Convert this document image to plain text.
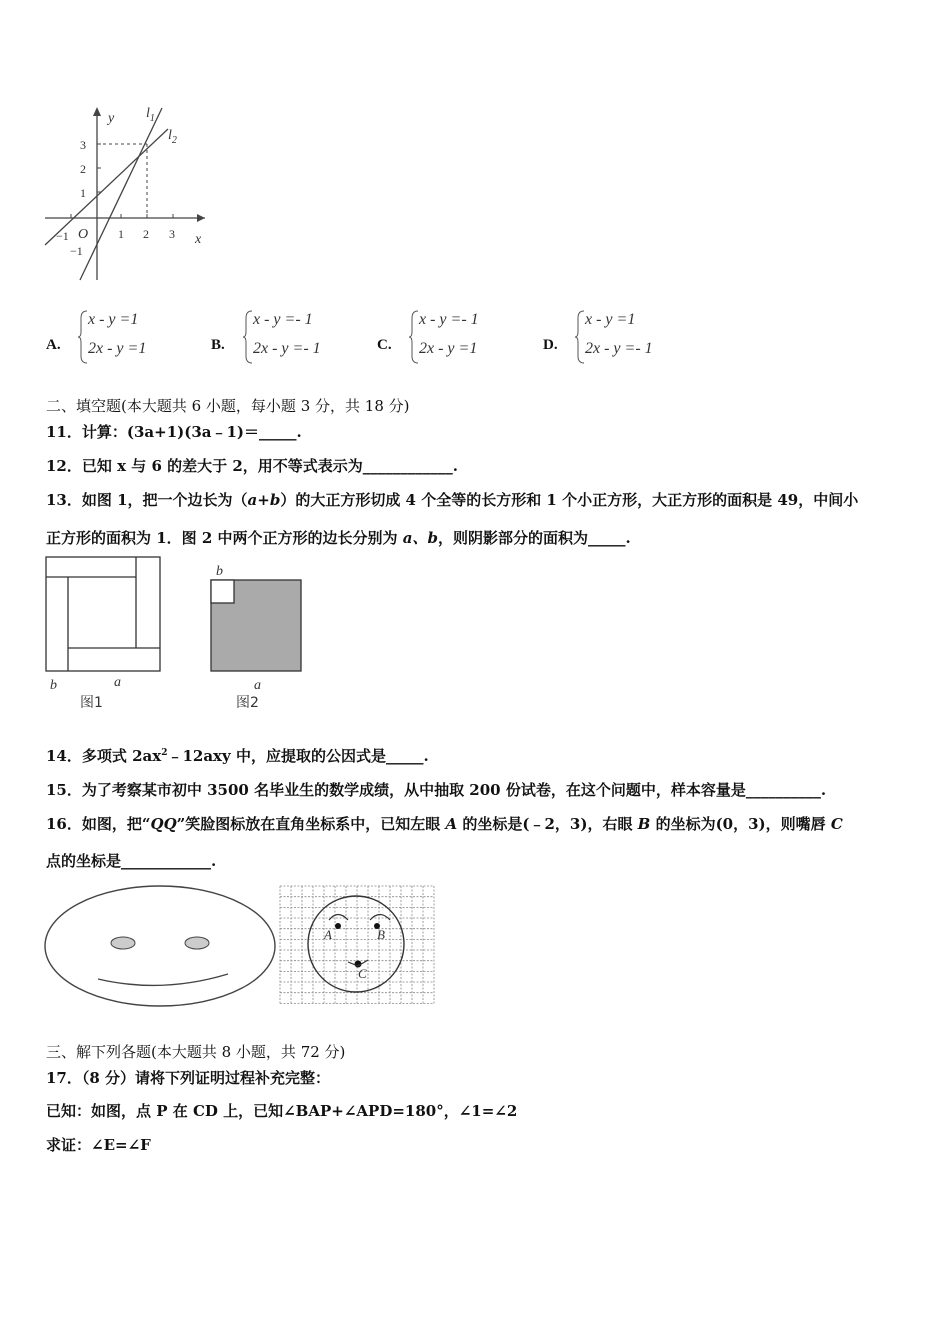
y
x
O
$l_1$
$l_2$
−1	1 2 3
3
2
1
−1
A.
x - y =1
2x - y =1	B.
x - y =- 1
2x - y =- 1	C.
x - y =- 1
2x - y =1	D.
x - y =1
2x - y =- 1
二、填空题(本大题共 6 小题，每小题 3 分，共 18 分)
11．计算：(3a+1)(3a﹣1)＝_____.
12．已知 x 与 6 的差大于 2，用不等式表示为____________.
13．如图 1，把一个边长为（a+b）的大正方形切成 4 个全等的长方形和 1 个小正方形，大正方形的面积是 49，中间小
正方形的面积为 1．图 2 中两个正方形的边长分别为 a、b，则阴影部分的面积为_____.
b	a
b
a
图1	图2
14．多项式 $2ax^2﹣12axy$ 中，应提取的公因式是_____.
15．为了考察某市初中 3500 名毕业生的数学成绩，从中抽取 200 份试卷，在这个问题中，样本容量是__________.
16．如图，把“QQ”笑脸图标放在直角坐标系中，已知左眼 A 的坐标是(﹣2，3)，右眼 B 的坐标为(0，3)，则嘴唇 C
点的坐标是____________.
A	B
C
三、解下列各题(本大题共 8 小题，共 72 分)
17．（8 分）请将下列证明过程补充完整：
已知：如图，点 P 在 CD 上，已知∠BAP+∠APD=180°，∠1=∠2
求证：∠E=∠F
